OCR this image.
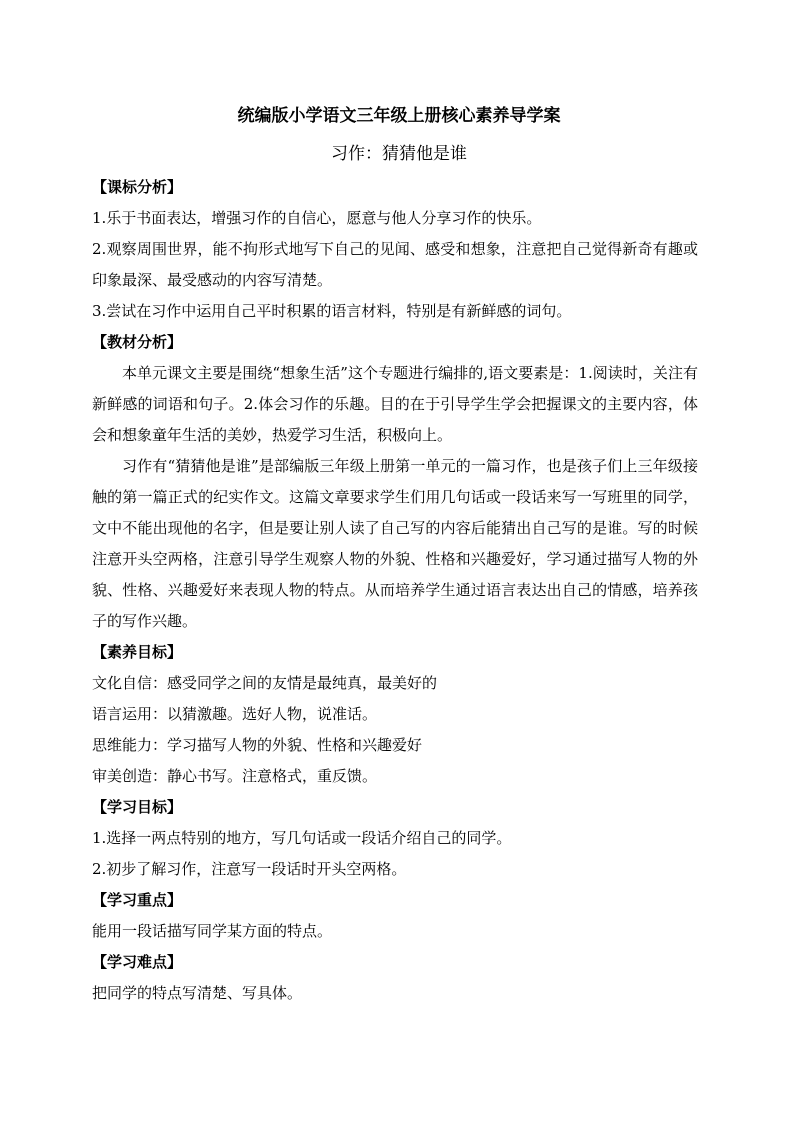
统编版小学语文三年级上册核心素养导学案
习作：猜猜他是谁

【课标分析】

1.乐于书面表达，增强习作的自信心，愿意与他人分享习作的快乐。

2.观察周围世界，能不拘形式地写下自己的见闻、感受和想象，注意把自己觉得新奇有趣或印象最深、最受感动的内容写清楚。

3.尝试在习作中运用自己平时积累的语言材料，特别是有新鲜感的词句。

【教材分析】

本单元课文主要是围绕“想象生活”这个专题进行编排的,语文要素是：1.阅读时，关注有新鲜感的词语和句子。2.体会习作的乐趣。目的在于引导学生学会把握课文的主要内容，体会和想象童年生活的美妙，热爱学习生活，积极向上。

习作有“猜猜他是谁”是部编版三年级上册第一单元的一篇习作，也是孩子们上三年级接触的第一篇正式的纪实作文。这篇文章要求学生们用几句话或一段话来写一写班里的同学，文中不能出现他的名字，但是要让别人读了自己写的内容后能猜出自己写的是谁。写的时候注意开头空两格，注意引导学生观察人物的外貌、性格和兴趣爱好，学习通过描写人物的外貌、性格、兴趣爱好来表现人物的特点。从而培养学生通过语言表达出自己的情感，培养孩子的写作兴趣。

【素养目标】

文化自信：感受同学之间的友情是最纯真，最美好的

语言运用：以猜激趣。选好人物，说准话。

思维能力：学习描写人物的外貌、性格和兴趣爱好

审美创造：静心书写。注意格式，重反馈。

【学习目标】

1.选择一两点特别的地方，写几句话或一段话介绍自己的同学。

2.初步了解习作，注意写一段话时开头空两格。

【学习重点】

能用一段话描写同学某方面的特点。

【学习难点】

把同学的特点写清楚、写具体。
